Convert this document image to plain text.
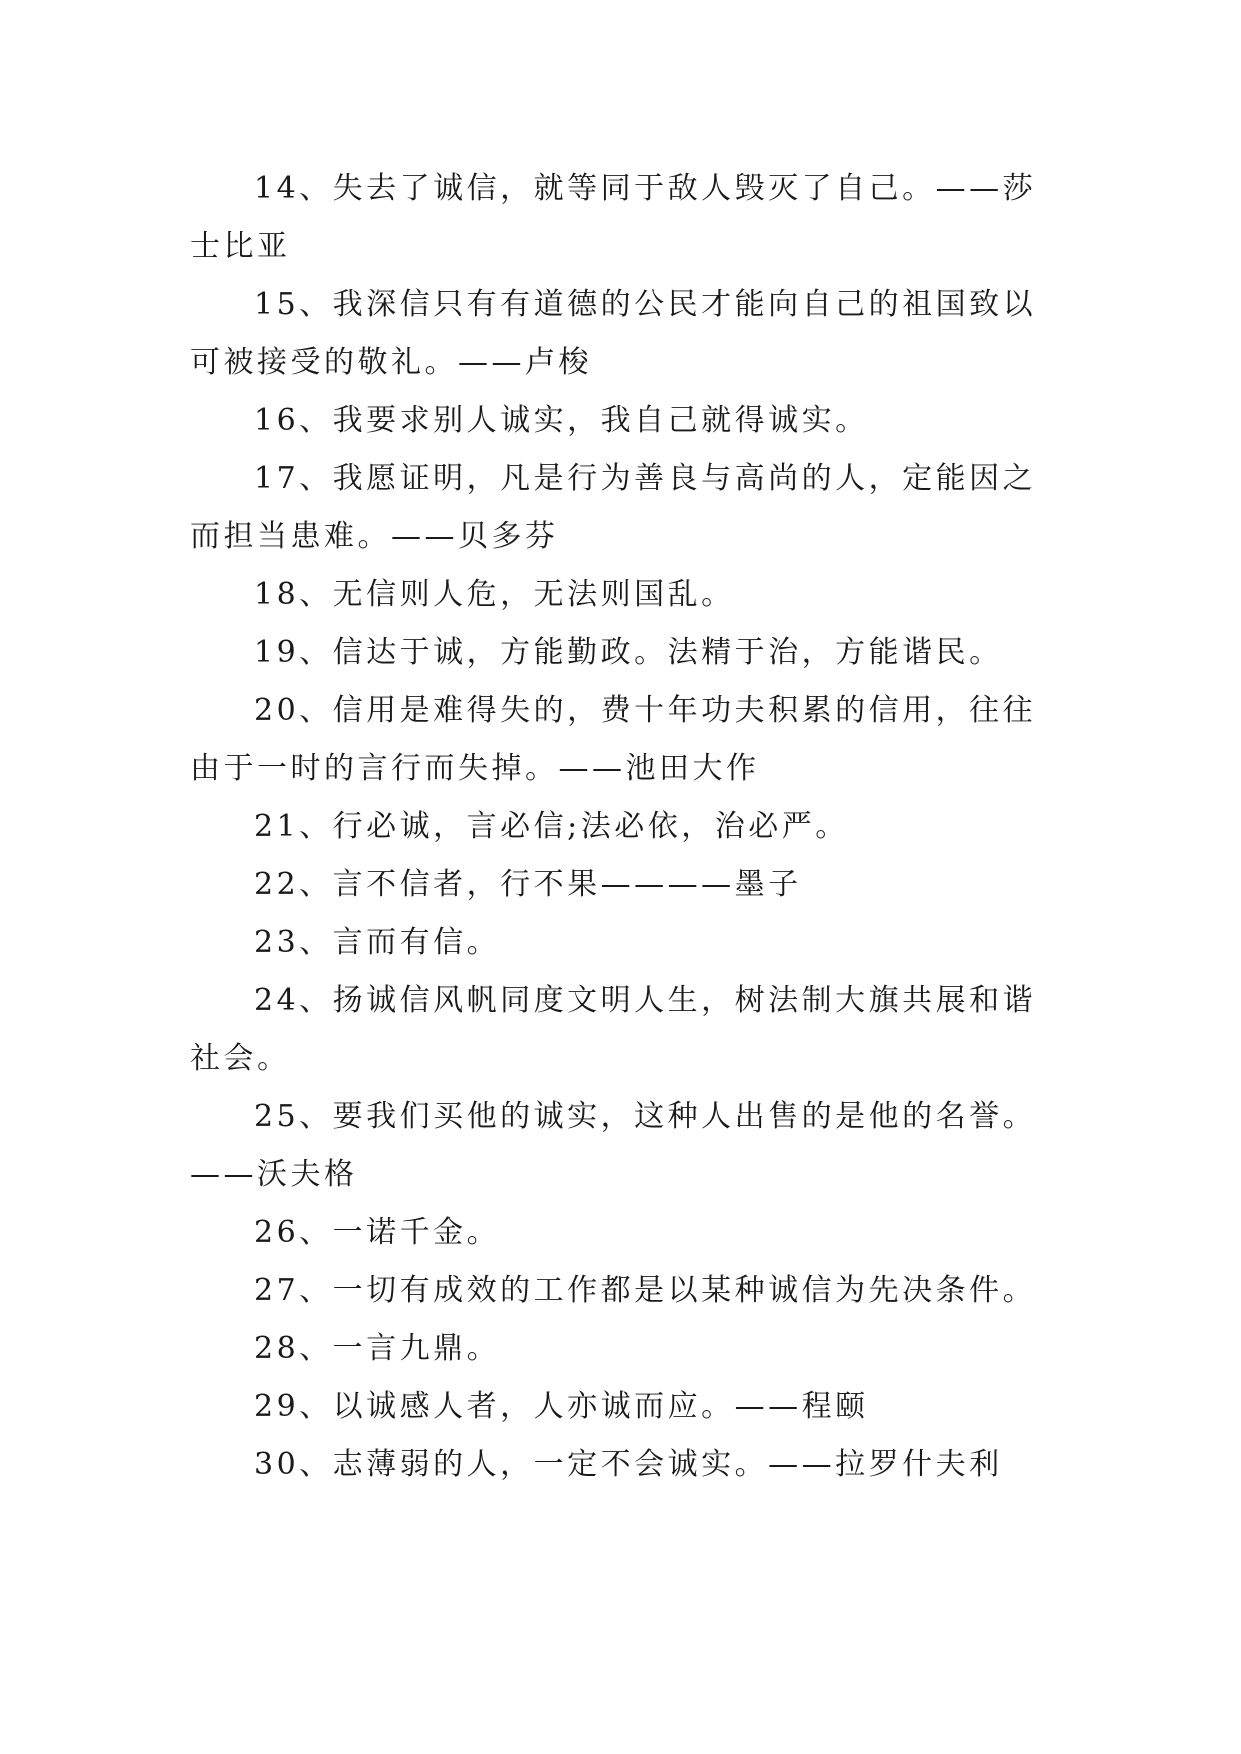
14、失去了诚信，就等同于敌人毁灭了自己。——莎士比亚

15、我深信只有有道德的公民才能向自己的祖国致以可被接受的敬礼。——卢梭

16、我要求别人诚实，我自己就得诚实。

17、我愿证明，凡是行为善良与高尚的人，定能因之而担当患难。——贝多芬

18、无信则人危，无法则国乱。

19、信达于诚，方能勤政。法精于治，方能谐民。

20、信用是难得失的，费十年功夫积累的信用，往往由于一时的言行而失掉。——池田大作

21、行必诚，言必信;法必依，治必严。

22、言不信者，行不果————墨子

23、言而有信。

24、扬诚信风帆同度文明人生，树法制大旗共展和谐社会。

25、要我们买他的诚实，这种人出售的是他的名誉。——沃夫格

26、一诺千金。

27、一切有成效的工作都是以某种诚信为先决条件。

28、一言九鼎。

29、以诚感人者，人亦诚而应。——程颐

30、志薄弱的人，一定不会诚实。——拉罗什夫利
